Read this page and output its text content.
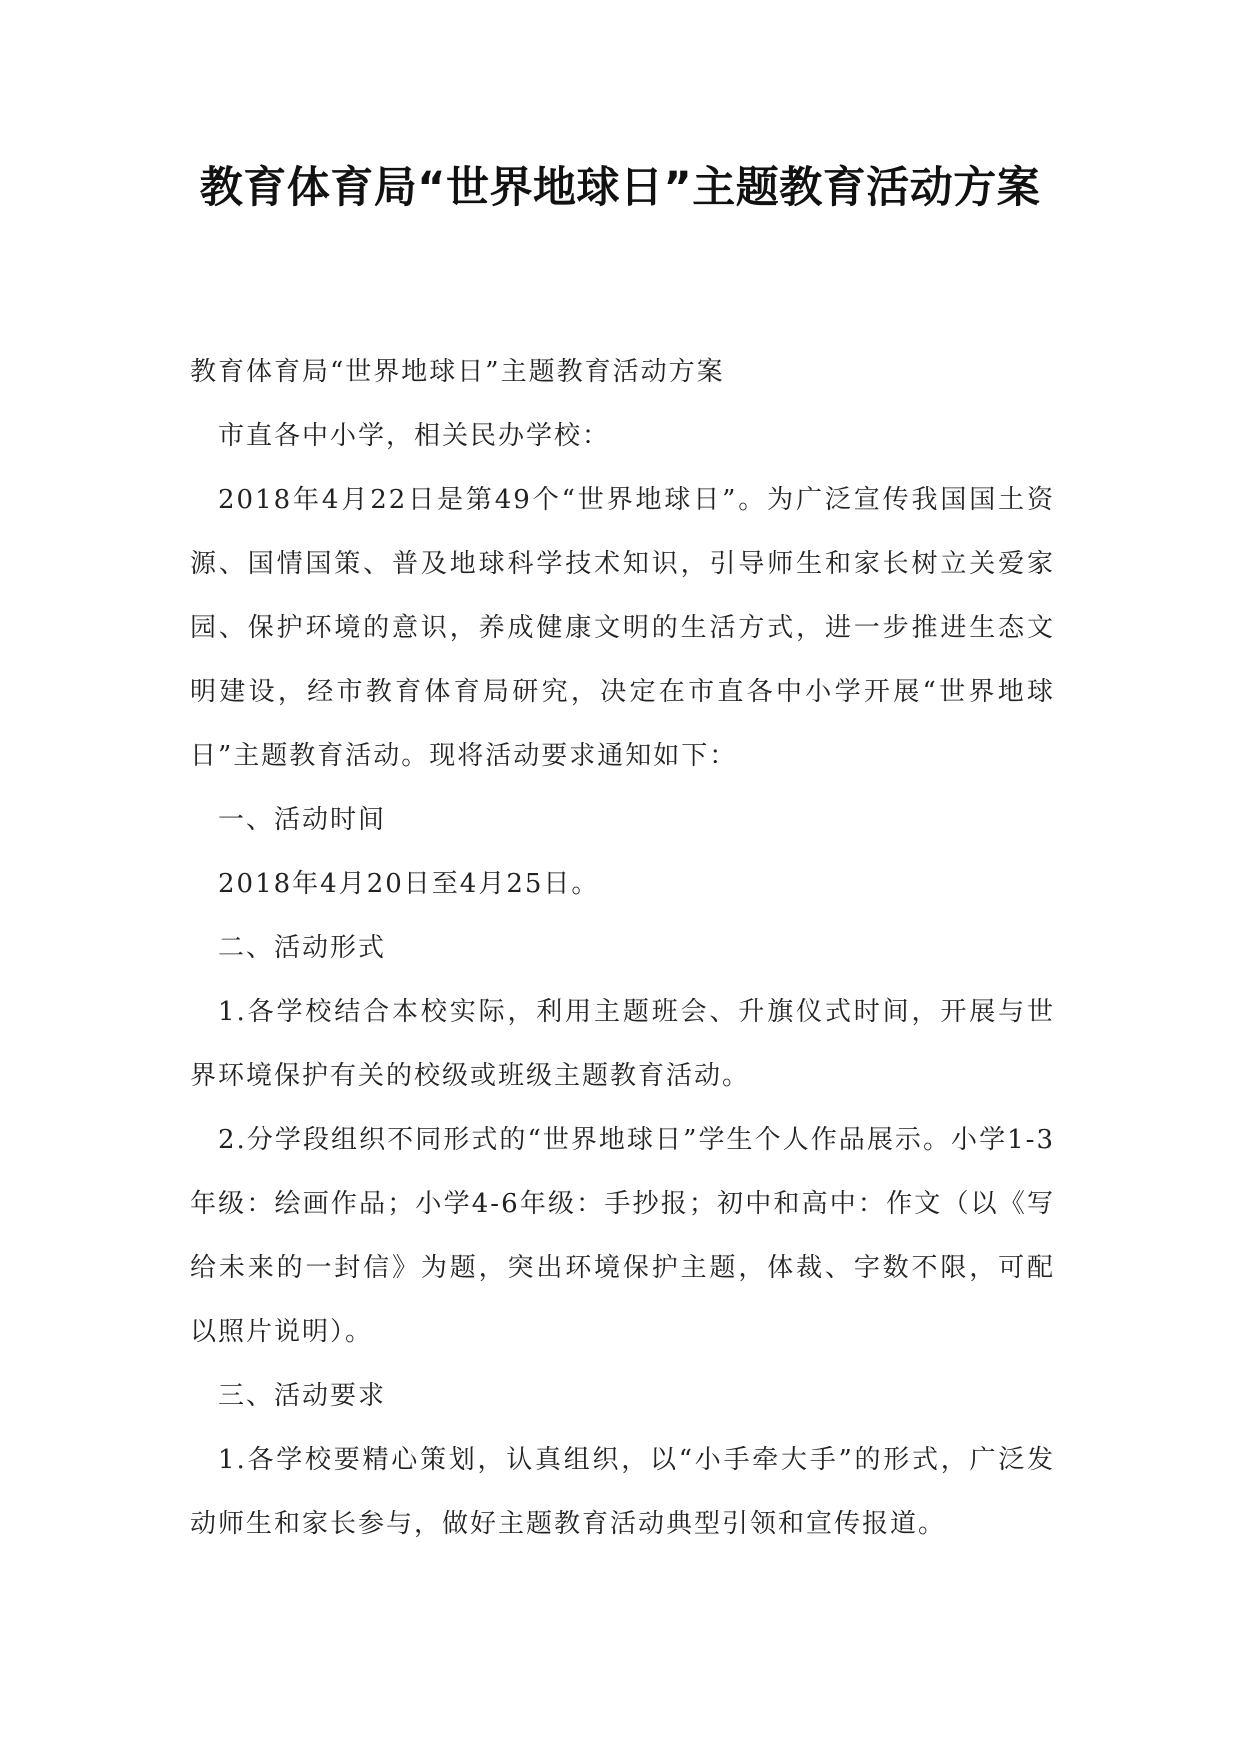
教育体育局“世界地球日”主题教育活动方案

教育体育局“世界地球日”主题教育活动方案

市直各中小学，相关民办学校：

2018年4月22日是第49个“世界地球日”。为广泛宣传我国国土资源、国情国策、普及地球科学技术知识，引导师生和家长树立关爱家园、保护环境的意识，养成健康文明的生活方式，进一步推进生态文明建设，经市教育体育局研究，决定在市直各中小学开展“世界地球日”主题教育活动。现将活动要求通知如下：

一、活动时间

2018年4月20日至4月25日。

二、活动形式

1.各学校结合本校实际，利用主题班会、升旗仪式时间，开展与世界环境保护有关的校级或班级主题教育活动。

2.分学段组织不同形式的“世界地球日”学生个人作品展示。小学1-3年级：绘画作品；小学4-6年级：手抄报；初中和高中：作文（以《写给未来的一封信》为题，突出环境保护主题，体裁、字数不限，可配以照片说明）。

三、活动要求

1.各学校要精心策划，认真组织，以“小手牵大手”的形式，广泛发动师生和家长参与，做好主题教育活动典型引领和宣传报道。
